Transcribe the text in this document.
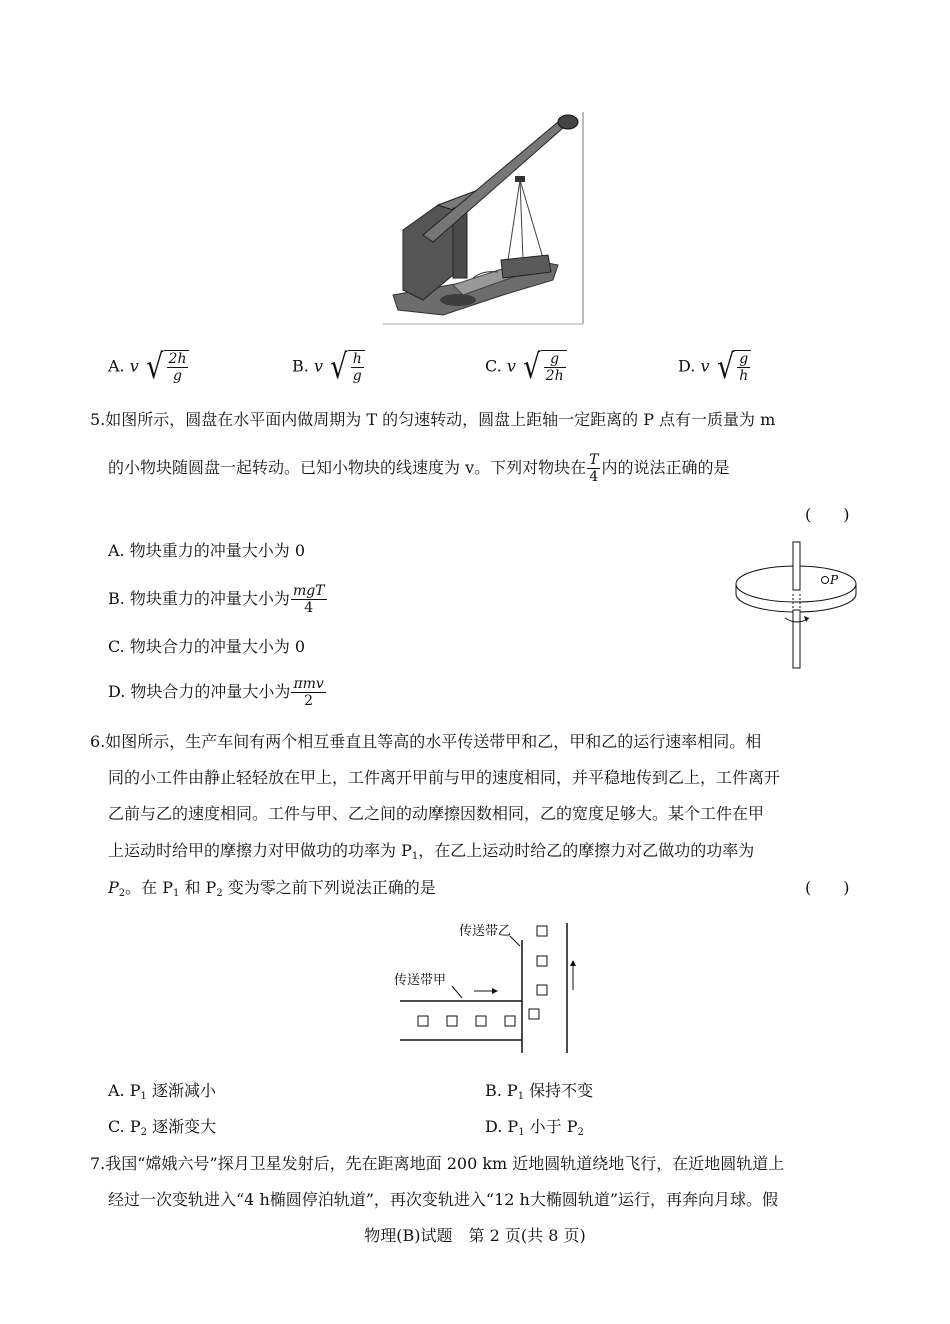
A. v √ $\frac{2h}{g}$	B. v √ $\frac{h}{g}$	C. v √ $\frac{g}{2h}$	D. v √ $\frac{g}{h}$
5.如图所示，圆盘在水平面内做周期为 T 的匀速转动，圆盘上距轴一定距离的 P 点有一质量为 m
的小物块随圆盘一起转动。已知小物块的线速度为 v。下列对物块在 $\frac{T}{4}$ 内的说法正确的是
(　　)
A. 物块重力的冲量大小为 0
B. 物块重力的冲量大小为 $\frac{\text{mgT}}{4}$
C. 物块合力的冲量大小为 0
D. 物块合力的冲量大小为 $\frac{\text{πmv}}{2}$
P
6.如图所示，生产车间有两个相互垂直且等高的水平传送带甲和乙，甲和乙的运行速率相同。相
同的小工件由静止轻轻放在甲上，工件离开甲前与甲的速度相同，并平稳地传到乙上，工件离开
乙前与乙的速度相同。工件与甲、乙之间的动摩擦因数相同，乙的宽度足够大。某个工件在甲
上运动时给甲的摩擦力对甲做功的功率为 $P_1$，在乙上运动时给乙的摩擦力对乙做功的功率为
$P_2$。在 $P_1$ 和 $P_2$ 变为零之前下列说法正确的是	(　　)
传送带乙
传送带甲
A. $P_1$ 逐渐减小	B. $P_1$ 保持不变
C. $P_2$ 逐渐变大	D. $P_1$ 小于 $P_2$
7.我国“嫦娥六号”探月卫星发射后，先在距离地面 200 km 近地圆轨道绕地飞行，在近地圆轨道上
经过一次变轨进入“4 h椭圆停泊轨道”，再次变轨进入“12 h大椭圆轨道”运行，再奔向月球。假
物理(B)试题　第 2 页(共 8 页)
